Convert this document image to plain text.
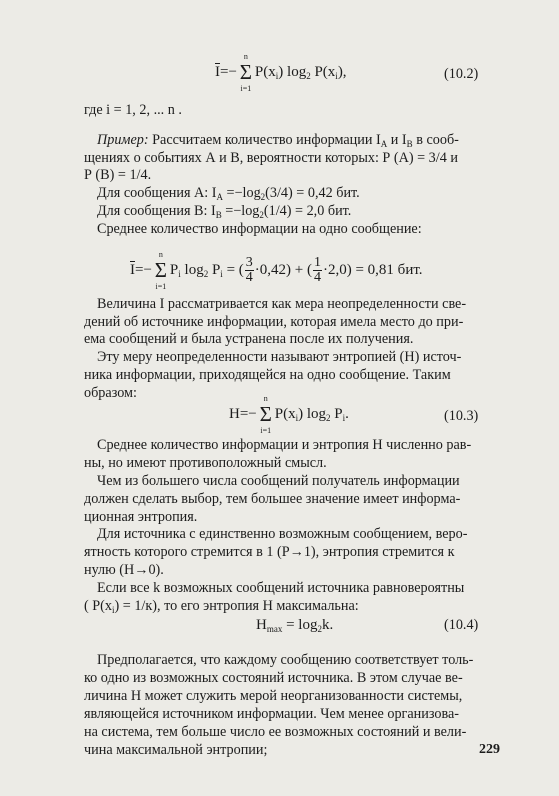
$\overline{I}=-$
n
Σ
i=1
$P(x_i)$ $\log_2 P(x_i)$,	(10.2)
где i = 1, 2, ... n .
Пример: Рассчитаем количество информации $I_A$ и $I_B$ в сооб-
щениях о событиях А и В, вероятности которых: Р (А) = 3/4 и
Р (В) = 1/4.
Для сообщения А: $I_A =-\log_2(3/4) = 0,42$ бит.
Для сообщения В: $I_B =-\log_2(1/4) = 2,0$ бит.
Среднее количество информации на одно сообщение:
$\overline{I}=-$
n
Σ
i=1
$P_i$ $\log_2 P_i$ = ( $\frac{3}{4} \cdot 0,42$) + ( $\frac{1}{4} \cdot 2,0) = 0,81$ бит.
Величина I рассматривается как мера неопределенности све-
дений об источнике информации, которая имела место до при-
ема сообщений и была устранена после их получения.
Эту меру неопределенности называют энтропией (Н) источ-
ника информации, приходящейся на одно сообщение. Таким
образом:
H=−
n
Σ
i=1
$P(x_i)$ $\log_2 P_i$.	(10.3)
Среднее количество информации и энтропия Н численно рав-
ны, но имеют противоположный смысл.
Чем из большего числа сообщений получатель информации
должен сделать выбор, тем большее значение имеет информа-
ционная энтропия.
Для источника с единственно возможным сообщением, веро-
ятность которого стремится в 1 (Р→1), энтропия стремится к
нулю (Н→0).
Если все k возможных сообщений источника равновероятны
( $P(x_i) = 1/к$), то его энтропия Н максимальна:
$H_{max} = \log_2k$.	(10.4)
Предполагается, что каждому сообщению соответствует толь-
ко одно из возможных состояний источника. В этом случае ве-
личина Н может служить мерой неорганизованности системы,
являющейся источником информации. Чем менее организова-
на система, тем больше число ее возможных состояний и вели-
чина максимальной энтропии;	229
